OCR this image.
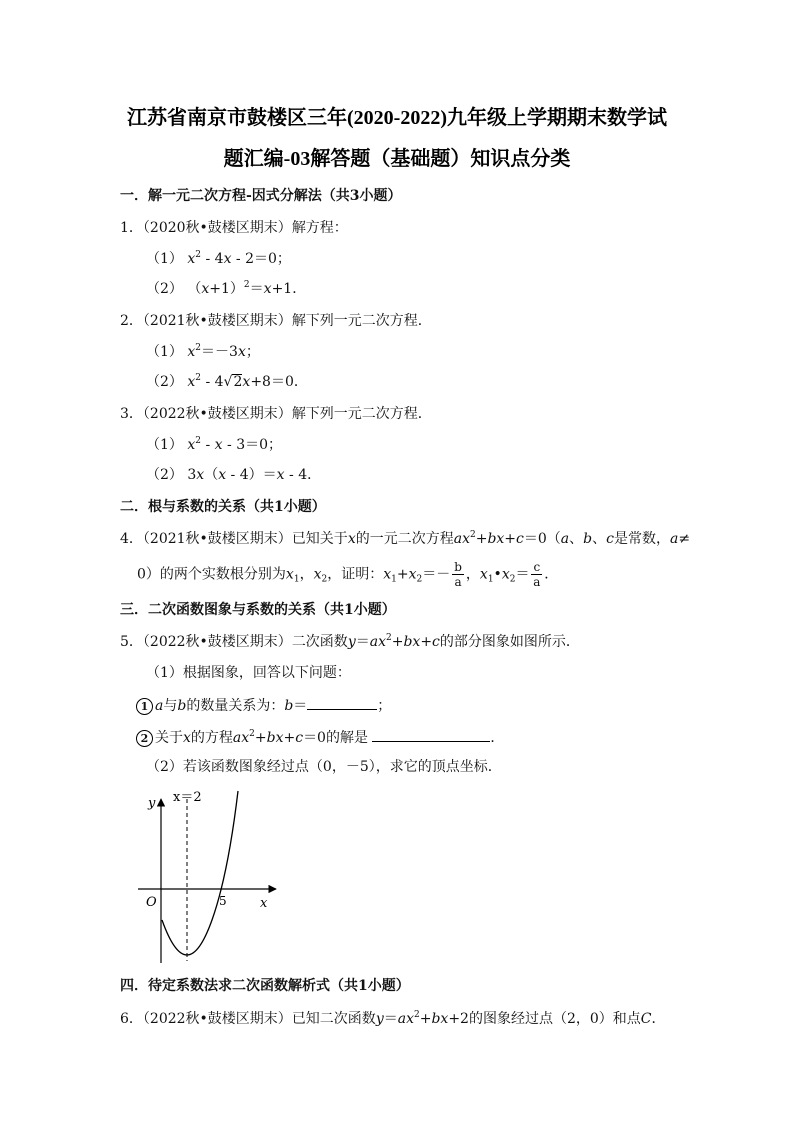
江苏省南京市鼓楼区三年(2020-2022)九年级上学期期末数学试
题汇编-03解答题（基础题）知识点分类
一．解一元二次方程-因式分解法（共3小题）
1．（2020秋•鼓楼区期末）解方程：
（1） $x^2 - 4x - 2=0$；
（2） $(x+1)^2=x+1$．
2．（2021秋•鼓楼区期末）解下列一元二次方程．
（1） $x^2=-3x$；
（2） $x^2 - 4√2x+8=0$．
3．（2022秋•鼓楼区期末）解下列一元二次方程．
（1） $x^2 - x - 3=0$；
（2） 3x（x - 4）＝x - 4．
二．根与系数的关系（共1小题）
4．（2021秋•鼓楼区期末）已知关于x的一元二次方程$ax^2+bx+c=0(a$、b、c是常数，a≠
0）的两个实数根分别为$x_1$，$x_2$，证明：$x_1+x_2=- \frac{b}{a}$ ，$x_1•x_2= \frac{c}{a}$ ．
三．二次函数图象与系数的关系（共1小题）
5．（2022秋•鼓楼区期末）二次函数$y=ax^2+bx+c$的部分图象如图所示．
（1）根据图象，回答以下问题：
1 a与b的数量关系为：b＝	；
2 关于x的方程$ax^2+bx+c=0$的解是	．
（2）若该函数图象经过点（0，－5），求它的顶点坐标．
y
x
O
x＝2
5
四．待定系数法求二次函数解析式（共1小题）
6．（2022秋•鼓楼区期末）已知二次函数$y=ax^2+bx+2$的图象经过点（2，0）和点C．
